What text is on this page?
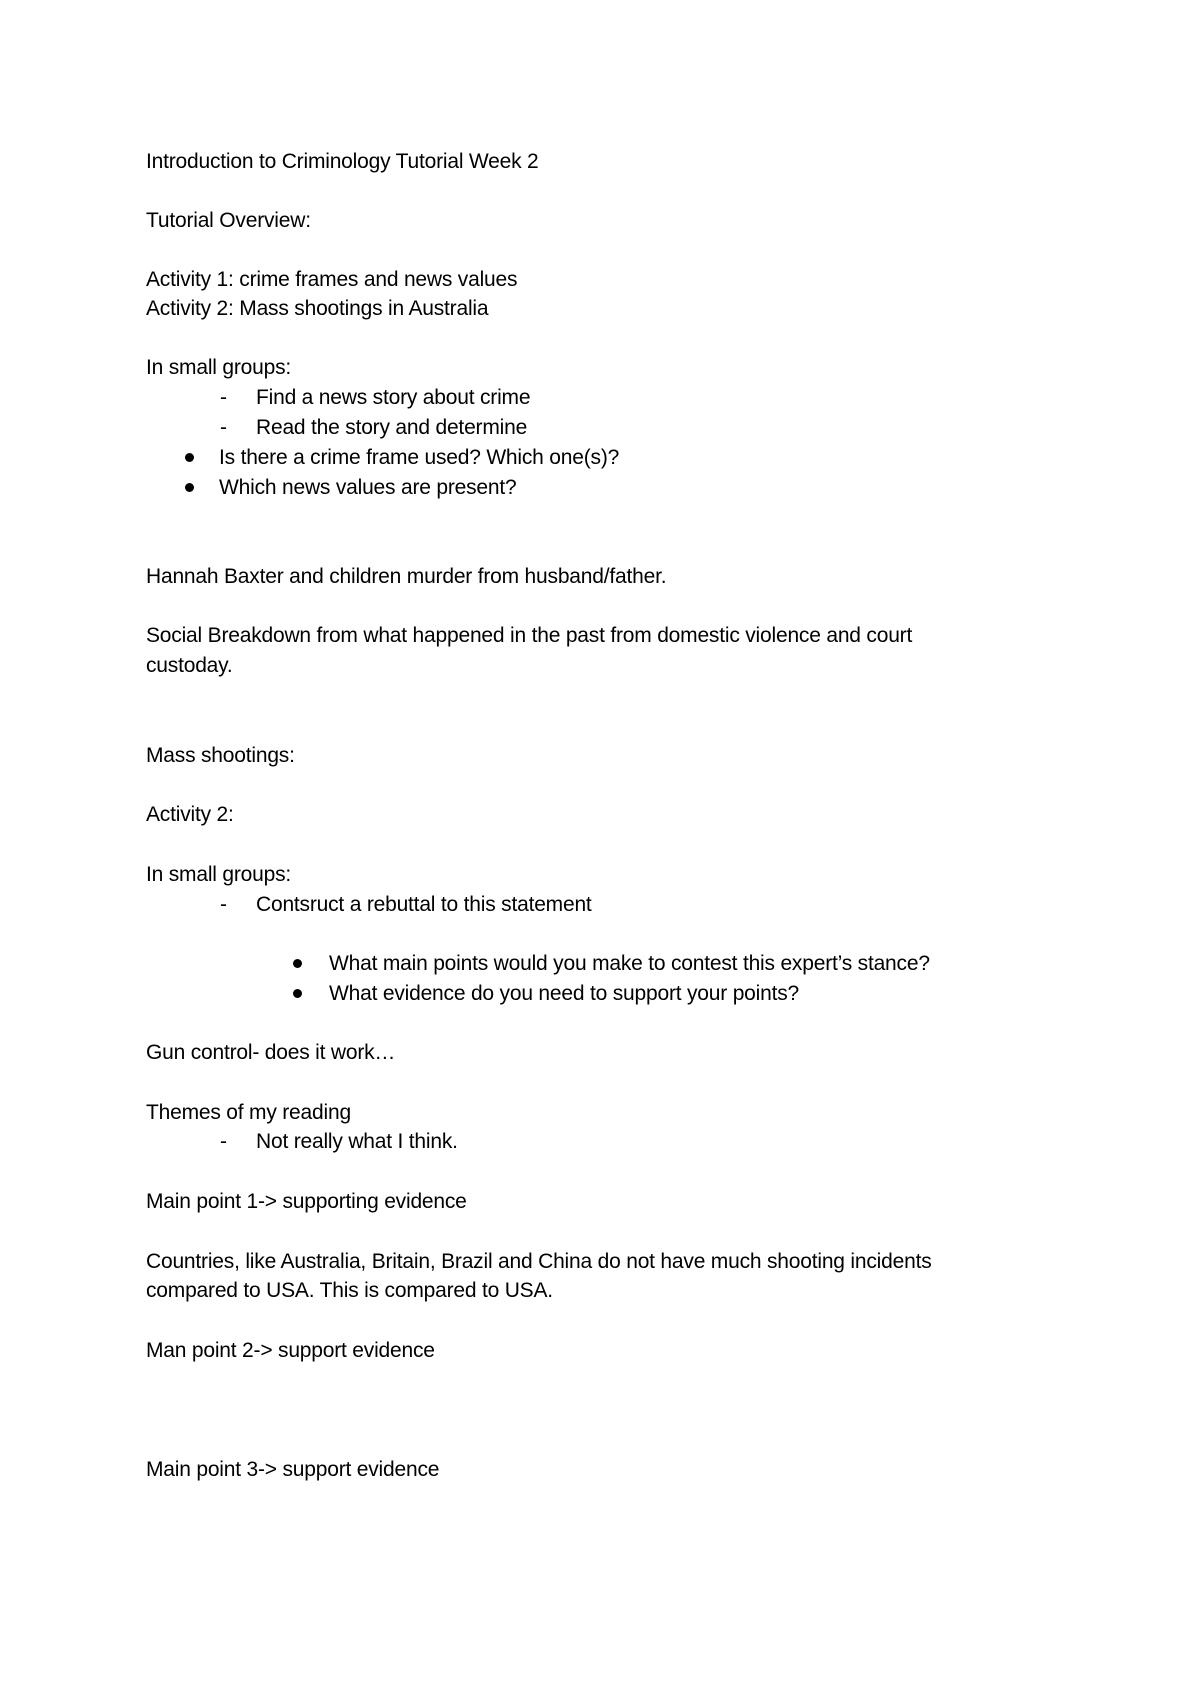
Introduction to Criminology Tutorial Week 2
Tutorial Overview:
Activity 1: crime frames and news values
Activity 2: Mass shootings in Australia
In small groups:
- Find a news story about crime
- Read the story and determine
Is there a crime frame used? Which one(s)?
Which news values are present?
Hannah Baxter and children murder from husband/father.
Social Breakdown from what happened in the past from domestic violence and court
custoday.
Mass shootings:
Activity 2:
In small groups:
- Contsruct a rebuttal to this statement
What main points would you make to contest this expert’s stance?
What evidence do you need to support your points?
Gun control- does it work…
Themes of my reading
- Not really what I think.
Main point 1-> supporting evidence
Countries, like Australia, Britain, Brazil and China do not have much shooting incidents
compared to USA. This is compared to USA.
Man point 2-> support evidence
Main point 3-> support evidence
